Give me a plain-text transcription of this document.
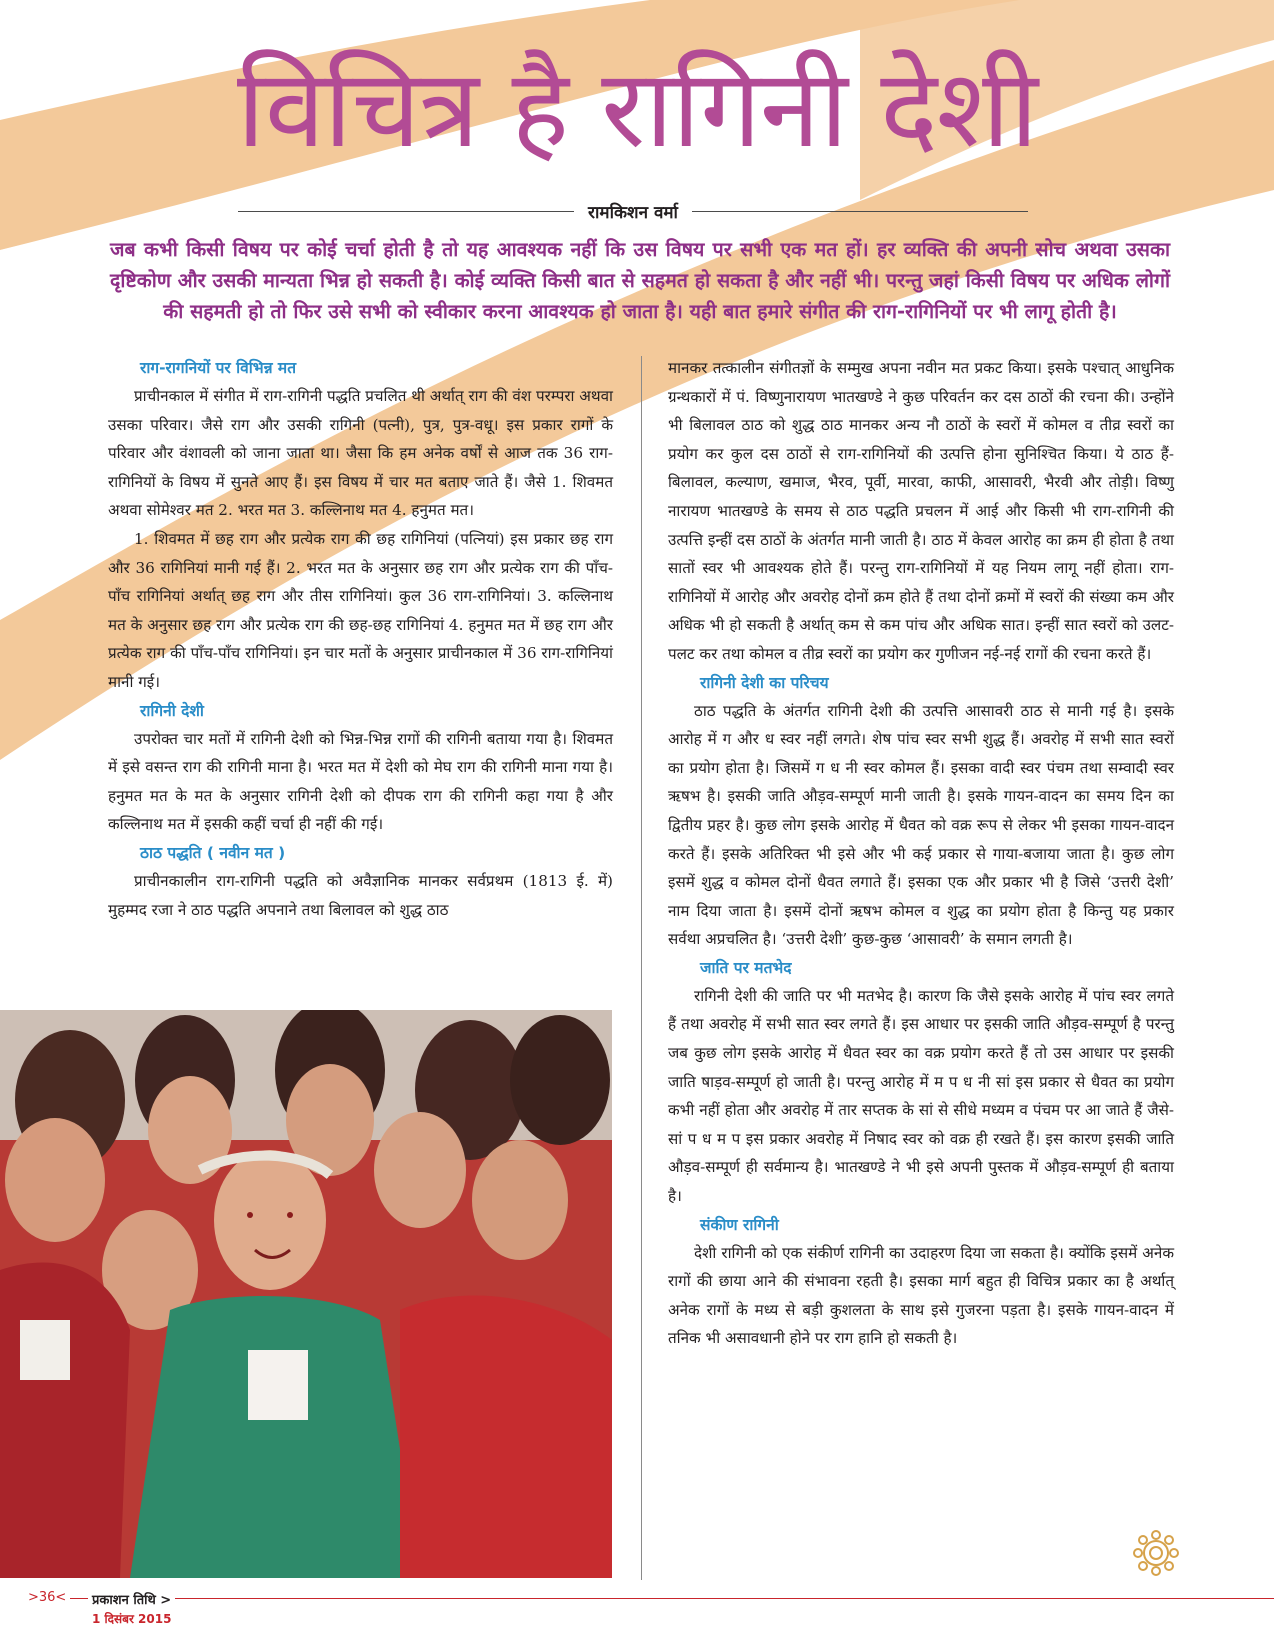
विचित्र है रागिनी देशी
रामकिशन वर्मा

जब कभी किसी विषय पर कोई चर्चा होती है तो यह आवश्यक नहीं कि उस विषय पर सभी एक मत हों। हर व्यक्ति की अपनी सोच अथवा उसका दृष्टिकोण और उसकी मान्यता भिन्न हो सकती है। कोई व्यक्ति किसी बात से सहमत हो सकता है और नहीं भी। परन्तु जहां किसी विषय पर अधिक लोगों की सहमती हो तो फिर उसे सभी को स्वीकार करना आवश्यक हो जाता है। यही बात हमारे संगीत की राग-रागिनियों पर भी लागू होती है।

राग-रागनियों पर विभिन्न मत

प्राचीनकाल में संगीत में राग-रागिनी पद्धति प्रचलित थी अर्थात् राग की वंश परम्परा अथवा उसका परिवार। जैसे राग और उसकी रागिनी (पत्नी), पुत्र, पुत्र-वधू। इस प्रकार रागों के परिवार और वंशावली को जाना जाता था। जैसा कि हम अनेक वर्षों से आज तक 36 राग-रागिनियों के विषय में सुनते आए हैं। इस विषय में चार मत बताए जाते हैं। जैसे 1. शिवमत अथवा सोमेश्वर मत 2. भरत मत 3. कल्लिनाथ मत 4. हनुमत मत।

1. शिवमत में छह राग और प्रत्येक राग की छह रागिनियां (पत्नियां) इस प्रकार छह राग और 36 रागिनियां मानी गई हैं। 2. भरत मत के अनुसार छह राग और प्रत्येक राग की पाँच-पाँच रागिनियां अर्थात् छह राग और तीस रागिनियां। कुल 36 राग-रागिनियां। 3. कल्लिनाथ मत के अनुसार छह राग और प्रत्येक राग की छह-छह रागिनियां 4. हनुमत मत में छह राग और प्रत्येक राग की पाँच-पाँच रागिनियां। इन चार मतों के अनुसार प्राचीनकाल में 36 राग-रागिनियां मानी गई।

रागिनी देशी

उपरोक्त चार मतों में रागिनी देशी को भिन्न-भिन्न रागों की रागिनी बताया गया है। शिवमत में इसे वसन्त राग की रागिनी माना है। भरत मत में देशी को मेघ राग की रागिनी माना गया है। हनुमत मत के मत के अनुसार रागिनी देशी को दीपक राग की रागिनी कहा गया है और कल्लिनाथ मत में इसकी कहीं चर्चा ही नहीं की गई।

ठाठ पद्धति ( नवीन मत )

प्राचीनकालीन राग-रागिनी पद्धति को अवैज्ञानिक मानकर सर्वप्रथम (1813 ई. में) मुहम्मद रजा ने ठाठ पद्धति अपनाने तथा बिलावल को शुद्ध ठाठ

मानकर तत्कालीन संगीतज्ञों के सम्मुख अपना नवीन मत प्रकट किया। इसके पश्चात् आधुनिक ग्रन्थकारों में पं. विष्णुनारायण भातखण्डे ने कुछ परिवर्तन कर दस ठाठों की रचना की। उन्होंने भी बिलावल ठाठ को शुद्ध ठाठ मानकर अन्य नौ ठाठों के स्वरों में कोमल व तीव्र स्वरों का प्रयोग कर कुल दस ठाठों से राग-रागिनियों की उत्पत्ति होना सुनिश्चित किया। ये ठाठ हैं- बिलावल, कल्याण, खमाज, भैरव, पूर्वी, मारवा, काफी, आसावरी, भैरवी और तोड़ी। विष्णु नारायण भातखण्डे के समय से ठाठ पद्धति प्रचलन में आई और किसी भी राग-रागिनी की उत्पत्ति इन्हीं दस ठाठों के अंतर्गत मानी जाती है। ठाठ में केवल आरोह का क्रम ही होता है तथा सातों स्वर भी आवश्यक होते हैं। परन्तु राग-रागिनियों में यह नियम लागू नहीं होता। राग-रागिनियों में आरोह और अवरोह दोनों क्रम होते हैं तथा दोनों क्रमों में स्वरों की संख्या कम और अधिक भी हो सकती है अर्थात् कम से कम पांच और अधिक सात। इन्हीं सात स्वरों को उलट-पलट कर तथा कोमल व तीव्र स्वरों का प्रयोग कर गुणीजन नई-नई रागों की रचना करते हैं।

रागिनी देशी का परिचय

ठाठ पद्धति के अंतर्गत रागिनी देशी की उत्पत्ति आसावरी ठाठ से मानी गई है। इसके आरोह में ग और ध स्वर नहीं लगते। शेष पांच स्वर सभी शुद्ध हैं। अवरोह में सभी सात स्वरों का प्रयोग होता है। जिसमें ग ध नी स्वर कोमल हैं। इसका वादी स्वर पंचम तथा सम्वादी स्वर ऋषभ है। इसकी जाति औड़व-सम्पूर्ण मानी जाती है। इसके गायन-वादन का समय दिन का द्वितीय प्रहर है। कुछ लोग इसके आरोह में धैवत को वक्र रूप से लेकर भी इसका गायन-वादन करते हैं। इसके अतिरिक्त भी इसे और भी कई प्रकार से गाया-बजाया जाता है। कुछ लोग इसमें शुद्ध व कोमल दोनों धैवत लगाते हैं। इसका एक और प्रकार भी है जिसे ‘उत्तरी देशी’ नाम दिया जाता है। इसमें दोनों ऋषभ कोमल व शुद्ध का प्रयोग होता है किन्तु यह प्रकार सर्वथा अप्रचलित है। ‘उत्तरी देशी’ कुछ-कुछ ‘आसावरी’ के समान लगती है।

जाति पर मतभेद

रागिनी देशी की जाति पर भी मतभेद है। कारण कि जैसे इसके आरोह में पांच स्वर लगते हैं तथा अवरोह में सभी सात स्वर लगते हैं। इस आधार पर इसकी जाति औड़व-सम्पूर्ण है परन्तु जब कुछ लोग इसके आरोह में धैवत स्वर का वक्र प्रयोग करते हैं तो उस आधार पर इसकी जाति षाड़व-सम्पूर्ण हो जाती है। परन्तु आरोह में म प ध नी सां इस प्रकार से धैवत का प्रयोग कभी नहीं होता और अवरोह में तार सप्तक के सां से सीधे मध्यम व पंचम पर आ जाते हैं जैसे- सां प ध म प इस प्रकार अवरोह में निषाद स्वर को वक्र ही रखते हैं। इस कारण इसकी जाति औड़व-सम्पूर्ण ही सर्वमान्य है। भातखण्डे ने भी इसे अपनी पुस्तक में औड़व-सम्पूर्ण ही बताया है।

संकीण रागिनी

देशी रागिनी को एक संकीर्ण रागिनी का उदाहरण दिया जा सकता है। क्योंकि इसमें अनेक रागों की छाया आने की संभावना रहती है। इसका मार्ग बहुत ही विचित्र प्रकार का है अर्थात् अनेक रागों के मध्य से बड़ी कुशलता के साथ इसे गुजरना पड़ता है। इसके गायन-वादन में तनिक भी असावधानी होने पर राग हानि हो सकती है।

>36<	प्रकाशन तिथि >
1 दिसंबर 2015
